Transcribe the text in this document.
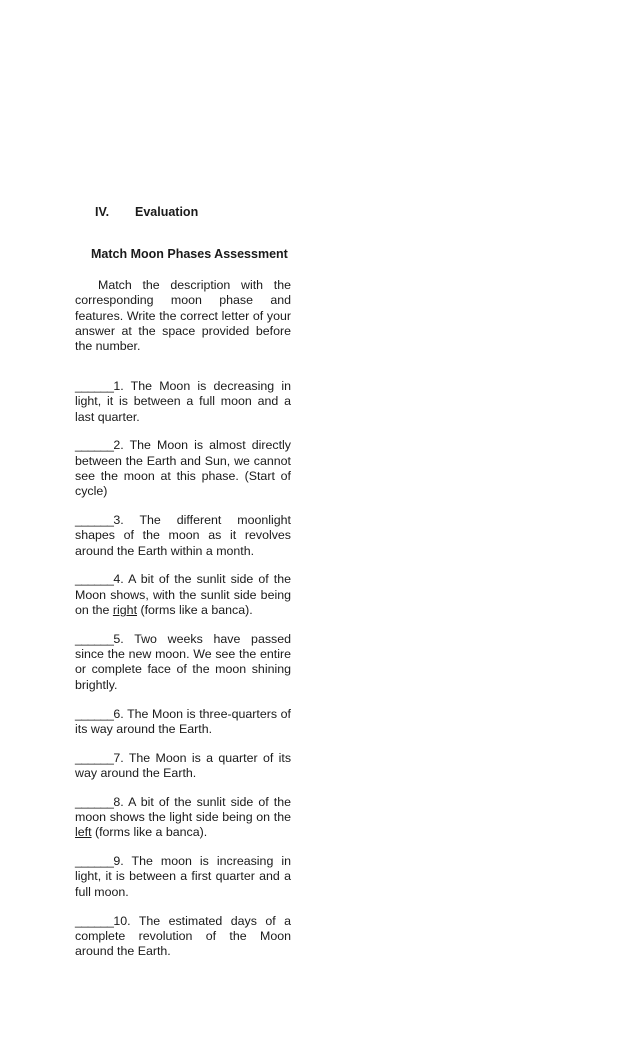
IV. Evaluation
Match Moon Phases Assessment
Match the description with the corresponding moon phase and features. Write the correct letter of your answer at the space provided before the number.

______1. The Moon is decreasing in light, it is between a full moon and a last quarter.

______2. The Moon is almost directly between the Earth and Sun, we cannot see the moon at this phase. (Start of cycle)

______3. The different moonlight shapes of the moon as it revolves around the Earth within a month.

______4. A bit of the sunlit side of the Moon shows, with the sunlit side being on the right (forms like a banca).

______5. Two weeks have passed since the new moon. We see the entire or complete face of the moon shining brightly.

______6. The Moon is three-quarters of its way around the Earth.

______7. The Moon is a quarter of its way around the Earth.

______8. A bit of the sunlit side of the moon shows the light side being on the left (forms like a banca).

______9. The moon is increasing in light, it is between a first quarter and a full moon.

______10. The estimated days of a complete revolution of the Moon around the Earth.
